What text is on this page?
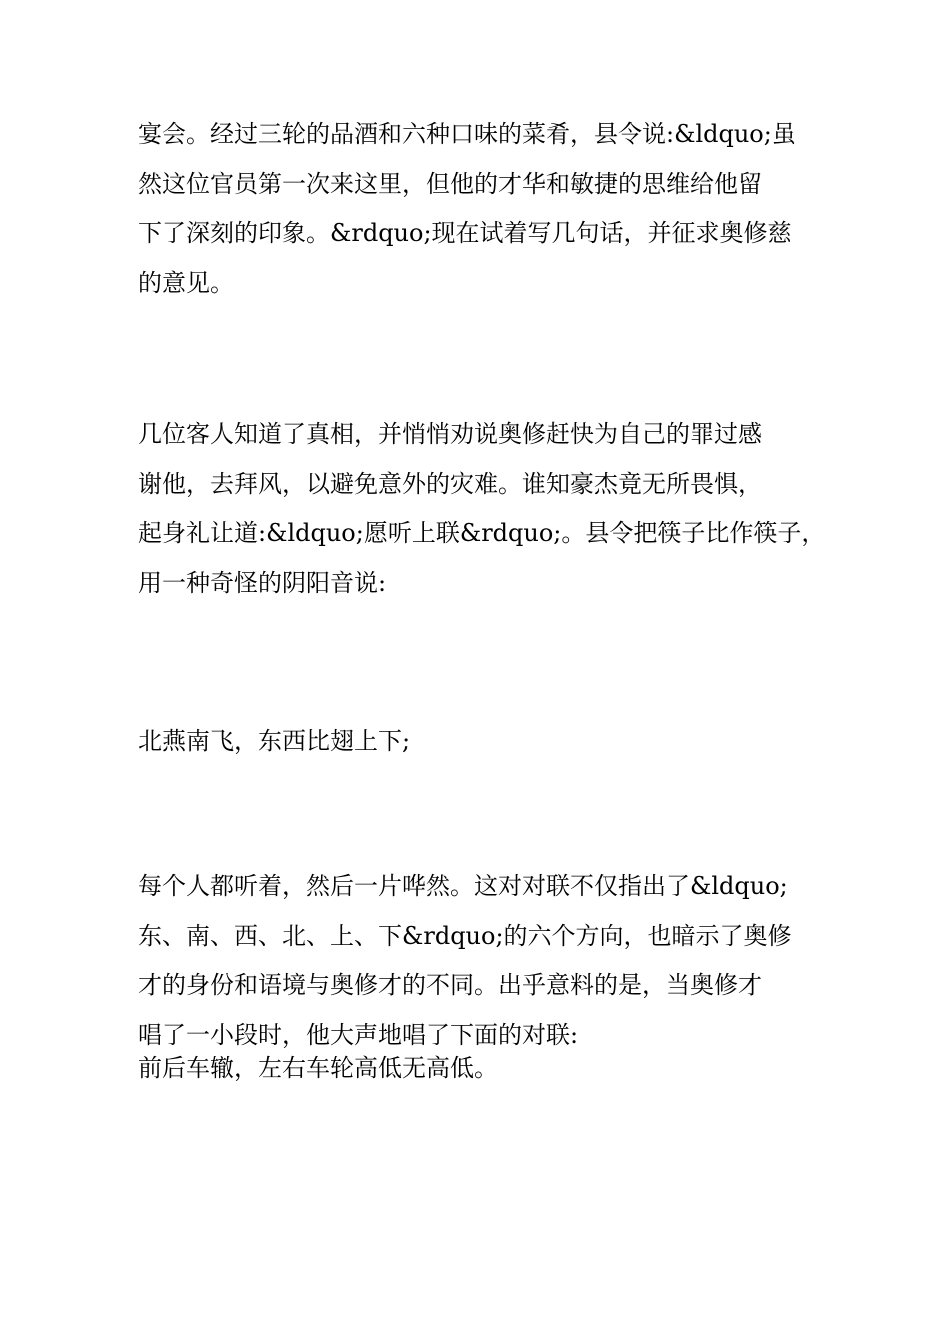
宴会。经过三轮的品酒和六种口味的菜肴，县令说:&ldquo;虽
然这位官员第一次来这里，但他的才华和敏捷的思维给他留
下了深刻的印象。&rdquo;现在试着写几句话，并征求奥修慈
的意见。

几位客人知道了真相，并悄悄劝说奥修赶快为自己的罪过感
谢他，去拜风，以避免意外的灾难。谁知豪杰竟无所畏惧，
起身礼让道:&ldquo;愿听上联&rdquo;。县令把筷子比作筷子，
用一种奇怪的阴阳音说:

北燕南飞，东西比翅上下;

每个人都听着，然后一片哗然。这对对联不仅指出了&ldquo;
东、南、西、北、上、下&rdquo;的六个方向，也暗示了奥修
才的身份和语境与奥修才的不同。出乎意料的是，当奥修才
唱了一小段时，他大声地唱了下面的对联:

前后车辙，左右车轮高低无高低。
